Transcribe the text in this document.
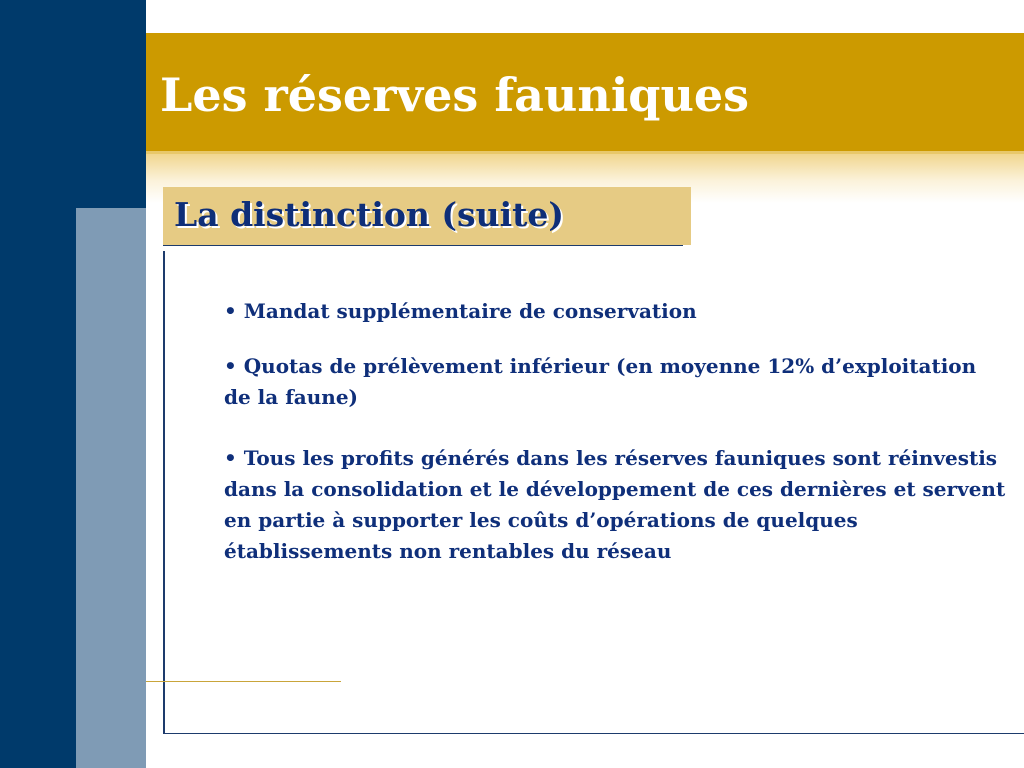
Les réserves fauniques
La distinction (suite)
• Mandat supplémentaire de conservation
• Quotas de prélèvement inférieur (en moyenne 12% d’exploitation de la faune)
• Tous les profits générés dans les réserves fauniques sont réinvestis dans la consolidation et le développement de ces dernières et servent en partie à supporter les coûts d’opérations de quelques établissements non rentables du réseau
